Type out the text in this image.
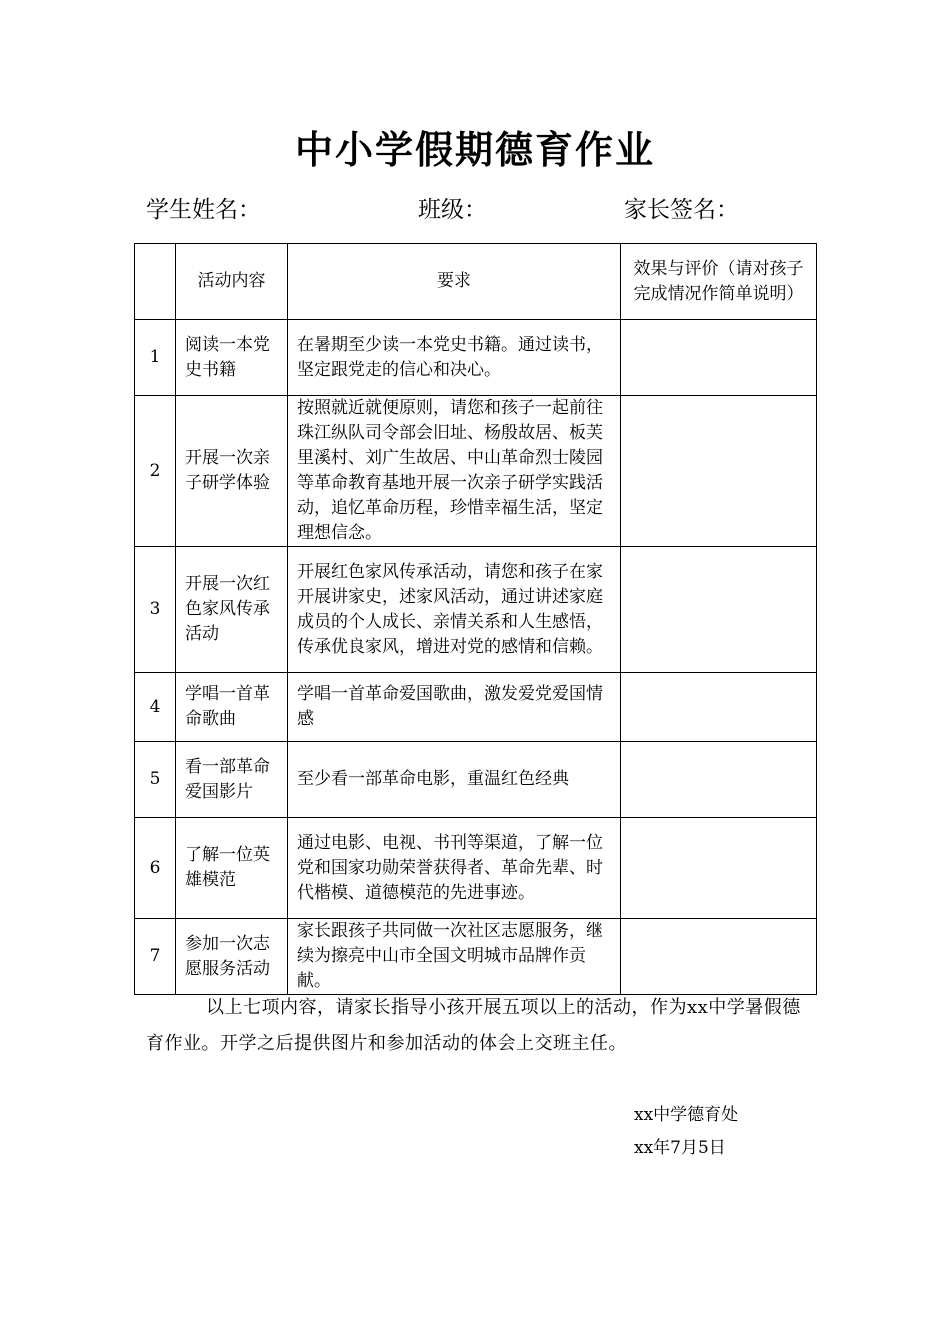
中小学假期德育作业
学生姓名：	班级：	家长签名：
	活动内容	要求	效果与评价（请对孩子完成情况作简单说明）
1	阅读一本党史书籍	在暑期至少读一本党史书籍。通过读书，坚定跟党走的信心和决心。	
2	开展一次亲子研学体验	按照就近就便原则，请您和孩子一起前往珠江纵队司令部会旧址、杨殷故居、板芙里溪村、刘广生故居、中山革命烈士陵园等革命教育基地开展一次亲子研学实践活动，追忆革命历程，珍惜幸福生活，坚定理想信念。	
3	开展一次红色家风传承活动	开展红色家风传承活动，请您和孩子在家开展讲家史，述家风活动，通过讲述家庭成员的个人成长、亲情关系和人生感悟，传承优良家风，增进对党的感情和信赖。	
4	学唱一首革命歌曲	学唱一首革命爱国歌曲，激发爱党爱国情感	
5	看一部革命爱国影片	至少看一部革命电影，重温红色经典	
6	了解一位英雄模范	通过电影、电视、书刊等渠道，了解一位党和国家功勋荣誉获得者、革命先辈、时代楷模、道德模范的先进事迹。	
7	参加一次志愿服务活动	家长跟孩子共同做一次社区志愿服务，继续为擦亮中山市全国文明城市品牌作贡献。	
以上七项内容，请家长指导小孩开展五项以上的活动，作为xx中学暑假德育作业。开学之后提供图片和参加活动的体会上交班主任。
xx中学德育处
xx年7月5日
